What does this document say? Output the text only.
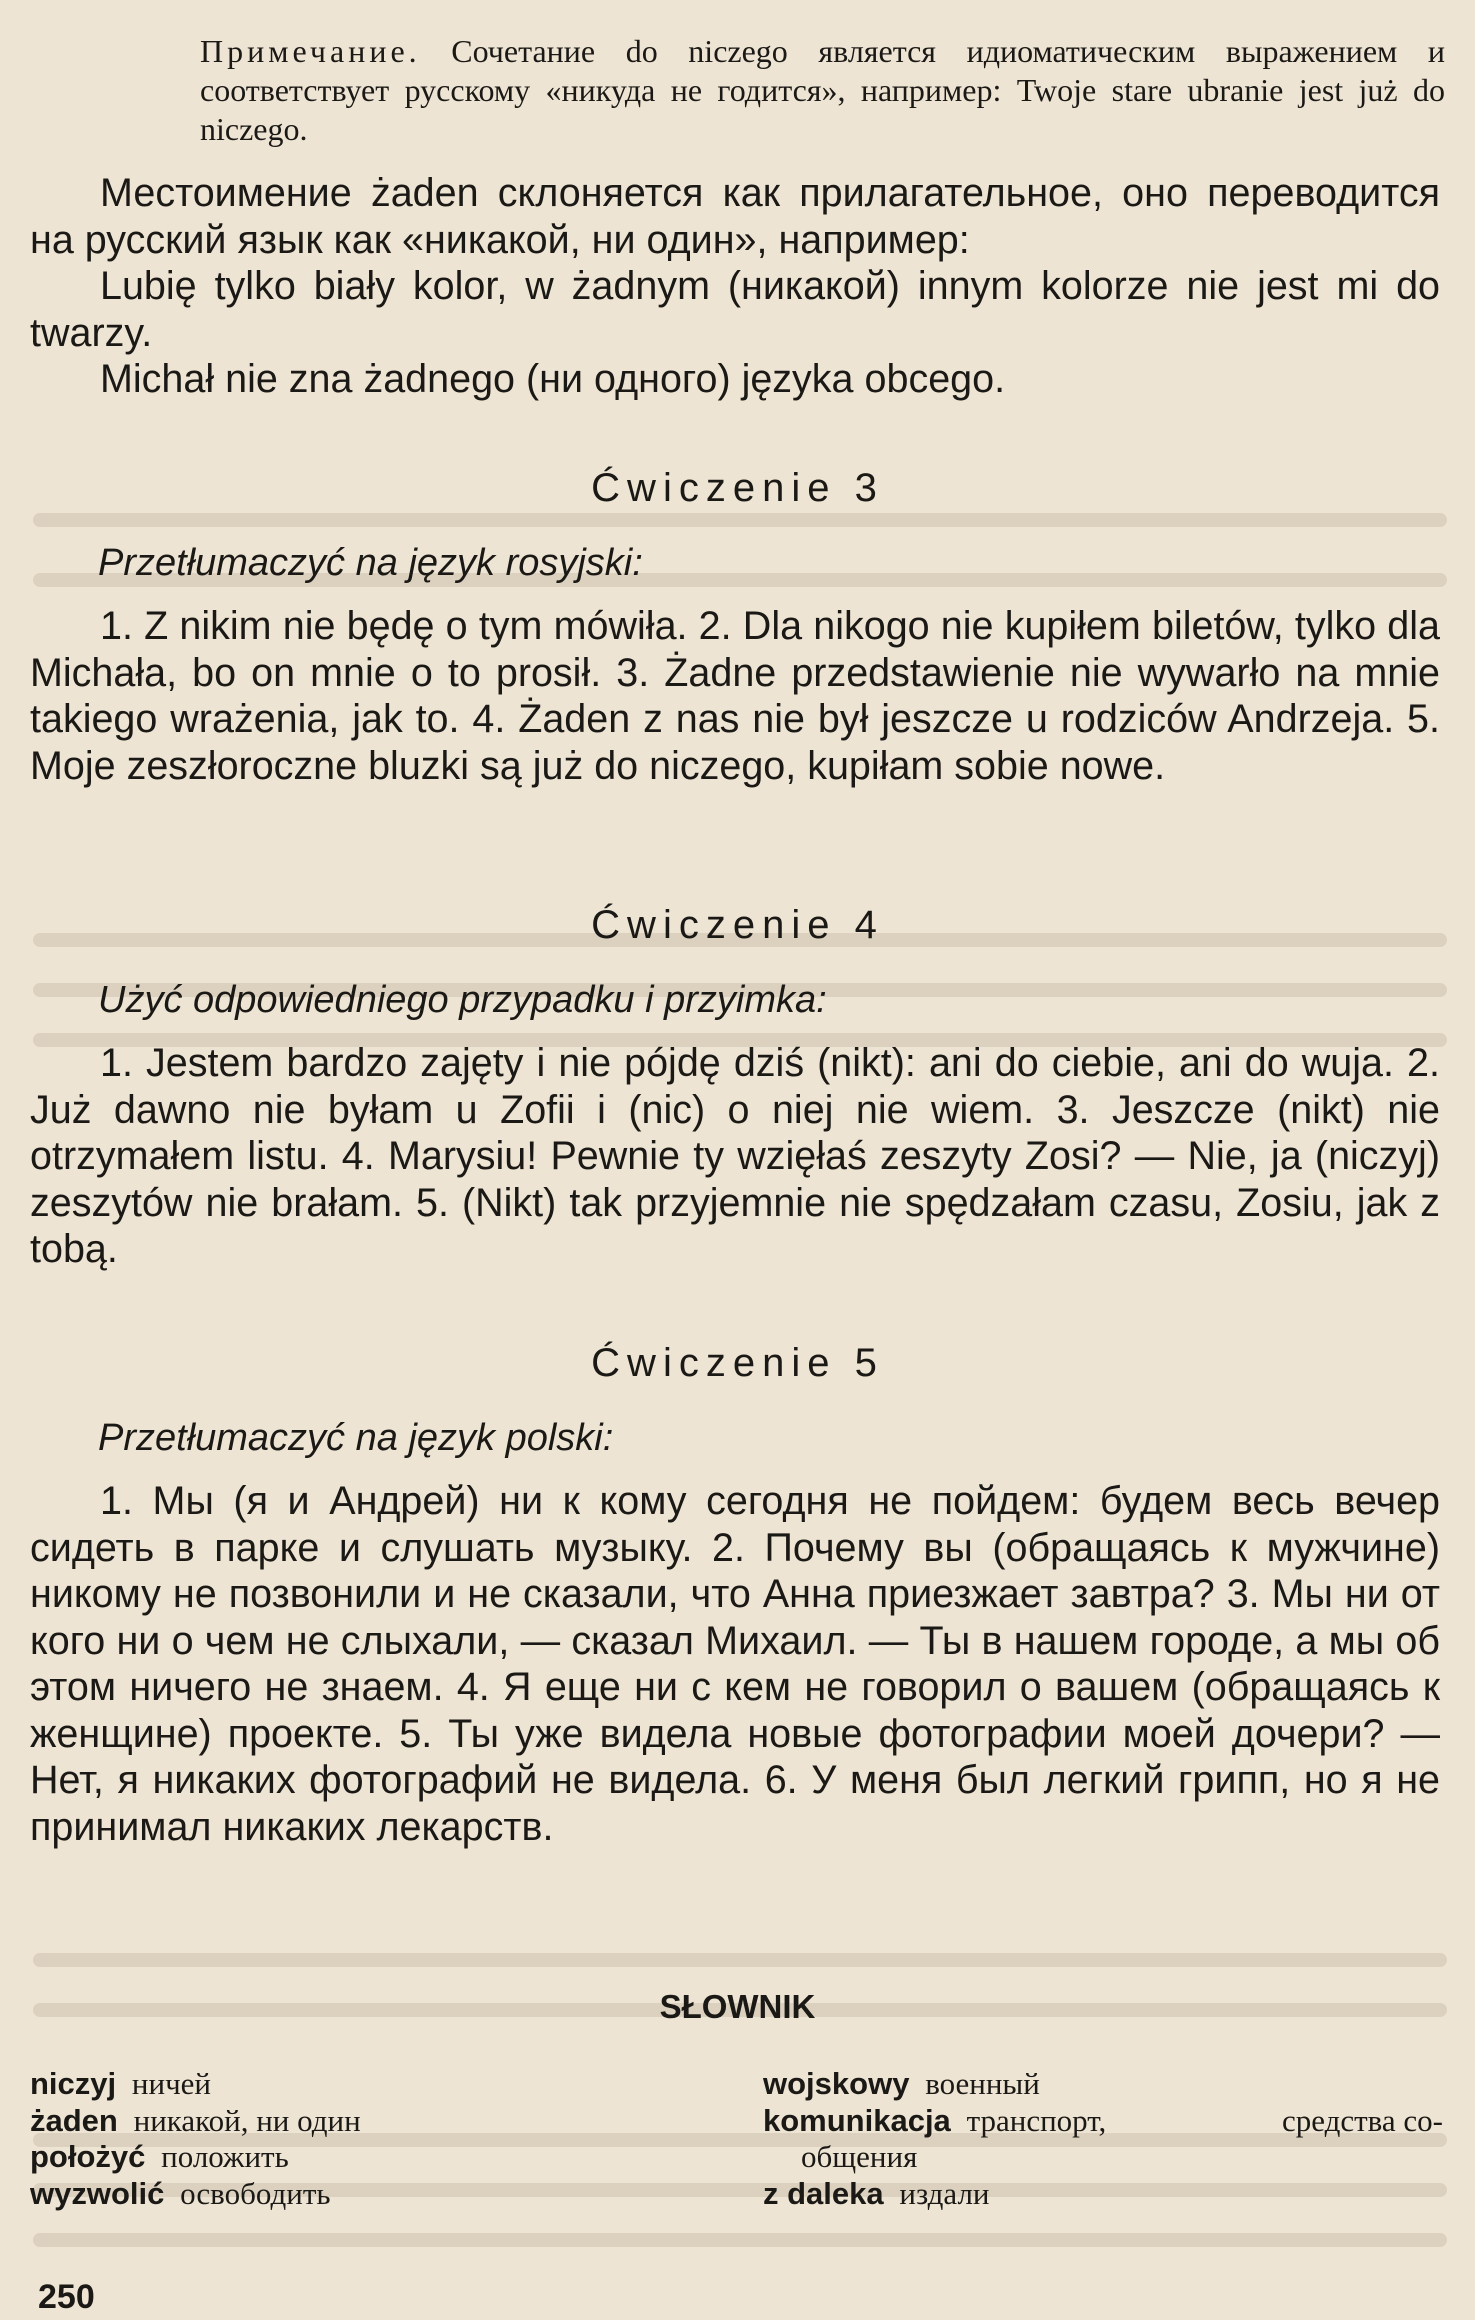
Примечание. Сочетание do niczego является идиоматическим выражением и соответствует русскому «никуда не годится», например: Twoje stare ubranie jest już do niczego.

Местоимение żaden склоняется как прилагательное, оно переводится на русский язык как «никакой, ни один», например:

Lubię tylko biały kolor, w żadnym (никакой) innym kolorze nie jest mi do twarzy.

Michał nie zna żadnego (ни одного) języka obcego.

Ćwiczenie 3
Przetłumaczyć na język rosyjski:

1. Z nikim nie będę o tym mówiła. 2. Dla nikogo nie kupiłem biletów, tylko dla Michała, bo on mnie o to prosił. 3. Żadne przedstawienie nie wywarło na mnie takiego wrażenia, jak to. 4. Żaden z nas nie był jeszcze u rodziców Andrzeja. 5. Moje zeszłoroczne bluzki są już do niczego, kupiłam sobie nowe.

Ćwiczenie 4
Użyć odpowiedniego przypadku i przyimka:

1. Jestem bardzo zajęty i nie pójdę dziś (nikt): ani do ciebie, ani do wuja. 2. Już dawno nie byłam u Zofii i (nic) o niej nie wiem. 3. Jeszcze (nikt) nie otrzymałem listu. 4. Marysiu! Pewnie ty wzięłaś zeszyty Zosi? — Nie, ja (niczyj) zeszytów nie brałam. 5. (Nikt) tak przyjemnie nie spędzałam czasu, Zosiu, jak z tobą.

Ćwiczenie 5
Przetłumaczyć na język polski:

1. Мы (я и Андрей) ни к кому сегодня не пойдем: будем весь вечер сидеть в парке и слушать музыку. 2. Почему вы (обращаясь к мужчине) никому не позвонили и не сказали, что Анна приезжает завтра? 3. Мы ни от кого ни о чем не слыхали, — сказал Михаил. — Ты в нашем городе, а мы об этом ничего не знаем. 4. Я еще ни с кем не говорил о вашем (обращаясь к женщине) проекте. 5. Ты уже видела новые фотографии моей дочери? — Нет, я никаких фотографий не видела. 6. У меня был легкий грипп, но я не принимал никаких лекарств.

SŁOWNIK
niczyj ничей
żaden никакой, ни один
położyć положить
wyzwolić освободить
wojskowy военный
komunikacja транспорт,	средства со-
общения
z daleka издали
250
